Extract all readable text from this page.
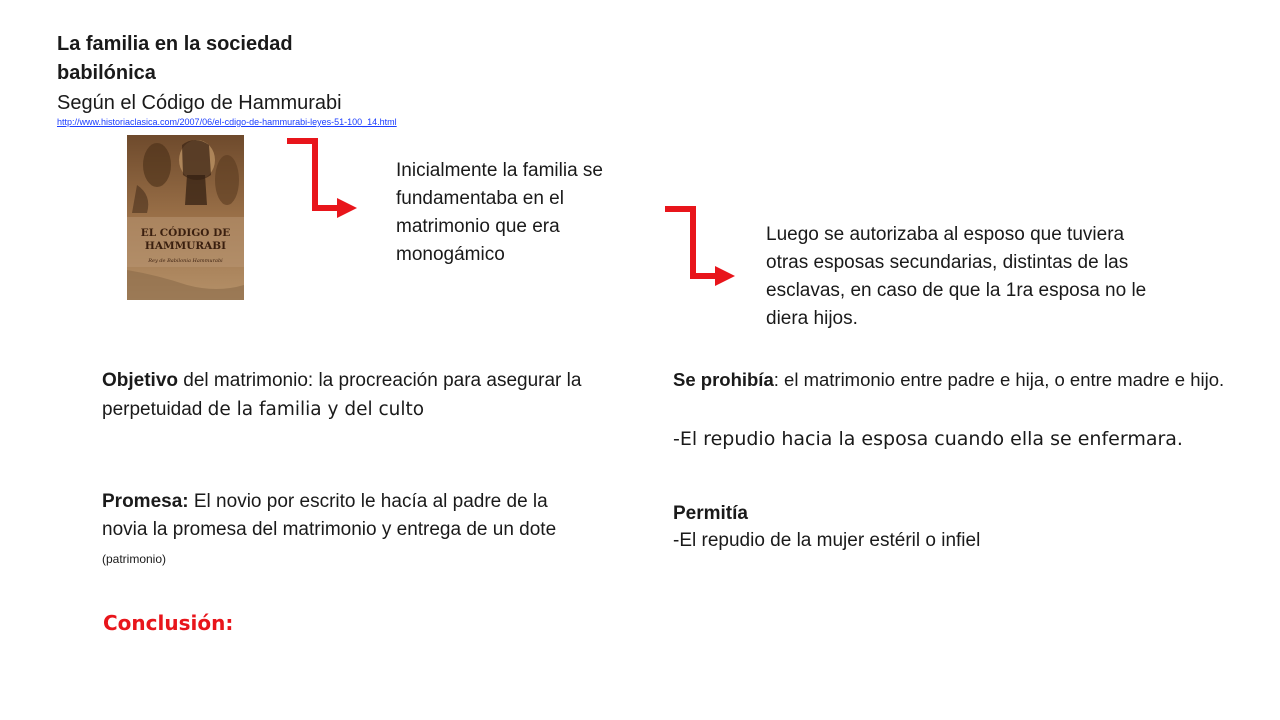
La familia en la sociedad babilónica
Según el Código de Hammurabi
http://www.historiaclasica.com/2007/06/el-cdigo-de-hammurabi-leyes-51-100_14.html
EL CÓDIGO DE
HAMMURABI
Rey de Babilonia Hammurabi
Inicialmente la familia se fundamentaba en el matrimonio que era monogámico
Luego se autorizaba al esposo que tuviera otras esposas secundarias, distintas de las esclavas, en caso de que la 1ra esposa no le diera hijos.
Objetivo del matrimonio: la procreación para asegurar la perpetuidad de la familia y del culto
Promesa: El novio por escrito le hacía al padre de la novia la promesa del matrimonio y entrega de un dote (patrimonio)
Se prohibía: el matrimonio entre padre e hija, o entre madre e hijo.
-El repudio hacia la esposa cuando ella se enfermara.
Permitía
-El repudio de la mujer estéril o infiel
Conclusión:
